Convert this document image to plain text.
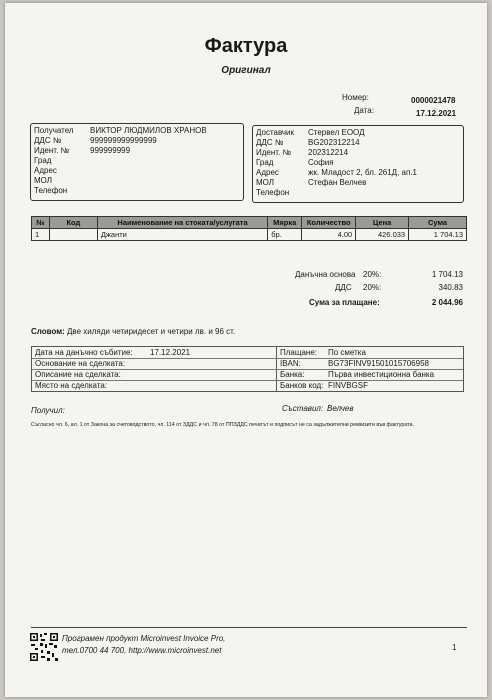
Фактура
Оригинал
Номер:	0000021478
Дата:	17.12.2021
Получател ВИКТОР ЛЮДМИЛОВ ХРАНОВ
ДДС №	999999999999999
Идент. №	999999999
Град
Адрес
МОЛ
Телефон
Доставчик Стервел ЕООД
ДДС №	BG202312214
Идент. № 202312214
Град	София
Адрес	жк. Младост 2, бл. 261Д, ап.1
МОЛ	Стефан Велчев
Телефон
№	Код	Наименование на стоката/услугата	Мярка	Количество	Цена	Сума
1		Джанти	бр.	4.00	426.033	1 704.13
Данъчна основа 20%:	1 704.13
ДДС 20%:	340.83
Сума за плащане:	2 044.96
Словом: Две хиляди четиридесет и четири лв. и 96 ст.
Дата на данъчно събитие: 17.12.2021
Основание на сделката:
Описание на сделката:
Място на сделката:
Плащане: По сметка
IBAN:	BG73FINV91501015706958
Банка:	Първа инвестиционна банка
Банков код: FINVBGSF
Получил:	Съставил: Велчев
Съгласно чл. 6, ал. 1 от Закона за счетоводството, чл. 114 от ЗДДС и чл. 78 от ППЗДДС печатът и подписът не са задължителни реквизити във фактурата.
Програмен продукт Microinvest Invoice Pro,
тел.0700 44 700, http://www.microinvest.net	1
